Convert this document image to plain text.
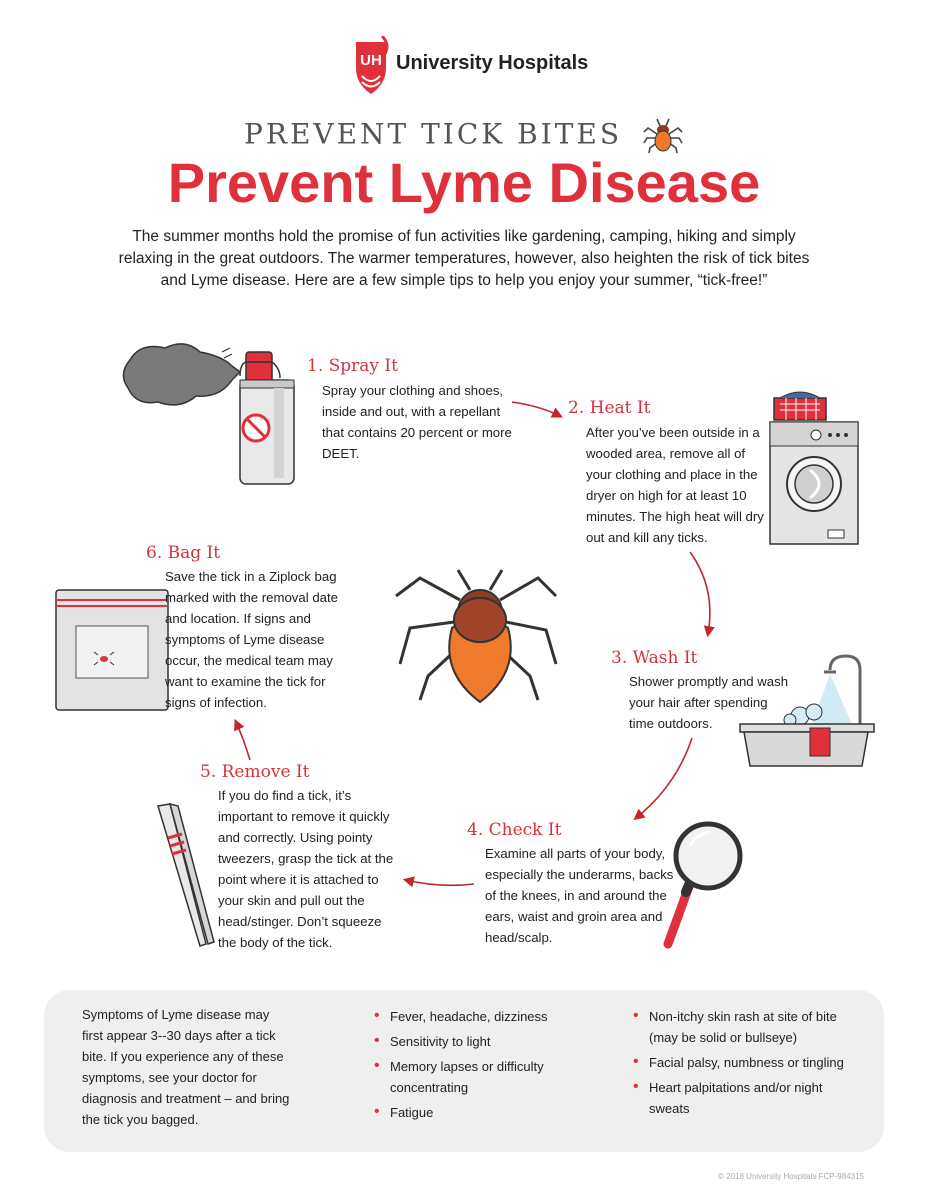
UH University Hospitals
PREVENT TICK BITES
Prevent Lyme Disease
The summer months hold the promise of fun activities like gardening, camping, hiking and simply relaxing in the great outdoors. The warmer temperatures, however, also heighten the risk of tick bites and Lyme disease. Here are a few simple tips to help you enjoy your summer, “tick-free!”
1. Spray It
Spray your clothing and shoes, inside and out, with a repellant that contains 20 percent or more DEET.
2. Heat It
After you’ve been outside in a wooded area, remove all of your clothing and place in the dryer on high for at least 10 minutes. The high heat will dry out and kill any ticks.
3. Wash It
Shower promptly and wash your hair after spending time outdoors.
4. Check It
Examine all parts of your body, especially the underarms, backs of the knees, in and around the ears, waist and groin area and head/scalp.
5. Remove It
If you do find a tick, it’s important to remove it quickly and correctly. Using pointy tweezers, grasp the tick at the point where it is attached to your skin and pull out the head/stinger. Don’t squeeze the body of the tick.
6. Bag It
Save the tick in a Ziplock bag marked with the removal date and location. If signs and symptoms of Lyme disease occur, the medical team may want to examine the tick for signs of infection.
Symptoms of Lyme disease may first appear 3--30 days after a tick bite. If you experience any of these symptoms, see your doctor for diagnosis and treatment – and bring the tick you bagged.
• Fever, headache, dizziness
• Sensitivity to light
• Memory lapses or difficulty concentrating
• Fatigue
• Non-itchy skin rash at site of bite (may be solid or bullseye)
• Facial palsy, numbness or tingling
• Heart palpitations and/or night sweats
© 2018 University Hospitals FCP-984315
